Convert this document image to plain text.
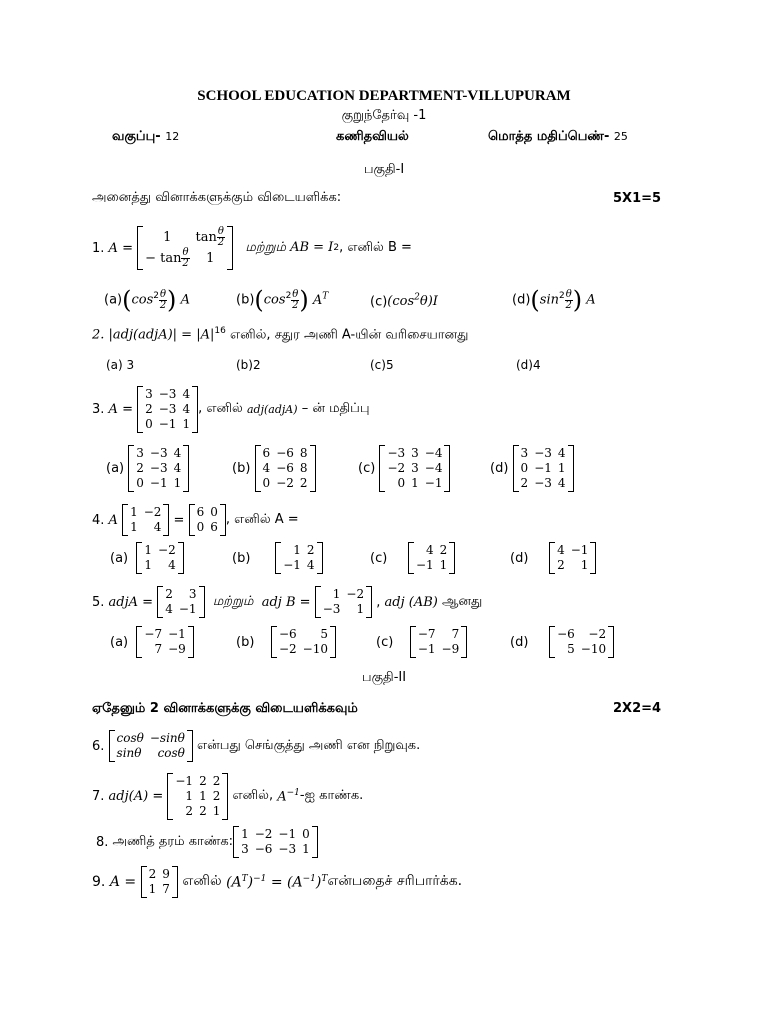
SCHOOL EDUCATION DEPARTMENT-VILLUPURAM
குறுந்தேர்வு -1
வகுப்பு- 12	கணிதவியல்	மொத்த மதிப்பெண்- 25
பகுதி-I
அனைத்து வினாக்களுக்கும் விடையளிக்க:	5X1=5
1.
A =
1	$\tan \frac{\theta}{2}$

− $\tan \frac{\theta}{2}$	1

மற்றும் AB = I 2 , எனில் B =
$(a)(\cos^2 \frac{\theta}{2}$ ) A	$(b)(\cos^2 \frac{\theta}{2}$ ) $A^T$	$(c)(\cos^2\theta)I$	$(d)(\sin^2 \frac{\theta}{2}$ ) A
2. |adj(adjA)| = $|A|^{16}$ எனில், சதுர அணி A-யின் வரிசையானது
(a) 3	(b)2	(c)5	(d)4
3.
A =
3	−3	4
2	−3	4
0	−1	1
, எனில்
adj(adjA)
– ன் மதிப்பு
(a)

3	−3	4
2	−3	4
0	−1	1
(b)

6	−6	8
4	−6	8
0	−2	2
(c)

−3	3	−4
−2	3	−4
0	1	−1
(d)

3	−3	4
0	−1	1
2	−3	4
4.
A

1	−2
1	4 =
6	0
0	6 , எனில் A =
(a)

1	−2
1	4	(b)

1	2
−1	4	(c)

4	2
−1	1	(d)

4	−1
2	1
5.
adjA =
2	3
4	−1
மற்றும்
adj B =
1	−2
−3	1 , adj (AB)
ஆனது
(a)

−7	−1
7	−9	(b)

−6	5
−2	−10	(c)

−7	7
−1	−9	(d)

−6	−2
5	−10
பகுதி-II
ஏதேனும் 2 வினாக்களுக்கு விடையளிக்கவும்	2X2=4
6.

cosθ	−sinθ
sinθ	cosθ
என்பது செங்குத்து அணி என நிறுவுக.
7.
adj(A) =
−1	2	2
1	1	2
2	2	1

எனில்,
$A^{-1}$ -ஐ காண்க.
8.
அணித் தரம் காண்க: 1	−2	−1	0
3	−6	−3	1
9.
A = 2	9
1	7
எனில்
$(A^T)^{-1} = (A^{-1})^T$ என்பதைச் சரிபார்க்க.
